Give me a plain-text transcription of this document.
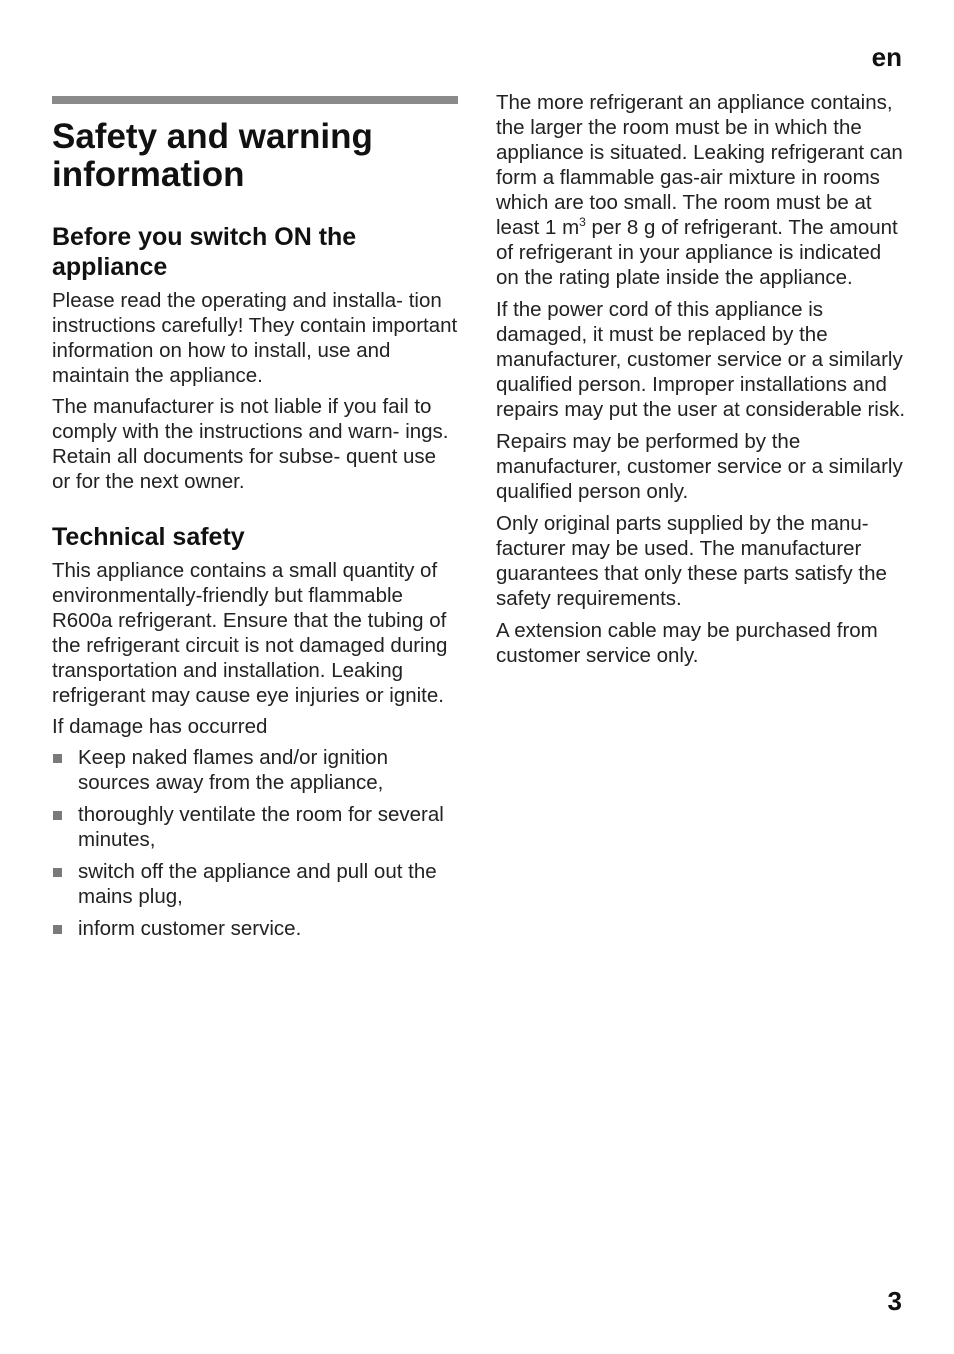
en
Safety and warning
information
Before you switch ON the
appliance

Please read the operating and installa- tion instructions carefully! They contain important information on how to install, use and maintain the appliance.

The manufacturer is not liable if you fail to comply with the instructions and warn- ings. Retain all documents for subse- quent use or for the next owner.

Technical safety

This appliance contains a small quantity of environmentally-friendly but flammable R600a refrigerant. Ensure that the tubing of the refrigerant circuit is not damaged during transportation and installation. Leaking refrigerant may cause eye injuries or ignite.

If damage has occurred

Keep naked flames and/or ignition sources away from the appliance,
thoroughly ventilate the room for several minutes,
switch off the appliance and pull out the mains plug,
inform customer service.

The more refrigerant an appliance contains, the larger the room must be in which the appliance is situated. Leaking refrigerant can form a flammable gas-air mixture in rooms which are too small. The room must be at least 1 $m^3$ per 8 g of refrigerant. The amount of refrigerant in your appliance is indicated on the rating plate inside the appliance.

If the power cord of this appliance is damaged, it must be replaced by the manufacturer, customer service or a similarly qualified person. Improper installations and repairs may put the user at considerable risk.

Repairs may be performed by the manufacturer, customer service or a similarly qualified person only.

Only original parts supplied by the manu- facturer may be used. The manufacturer guarantees that only these parts satisfy the safety requirements.

A extension cable may be purchased from customer service only.

3
